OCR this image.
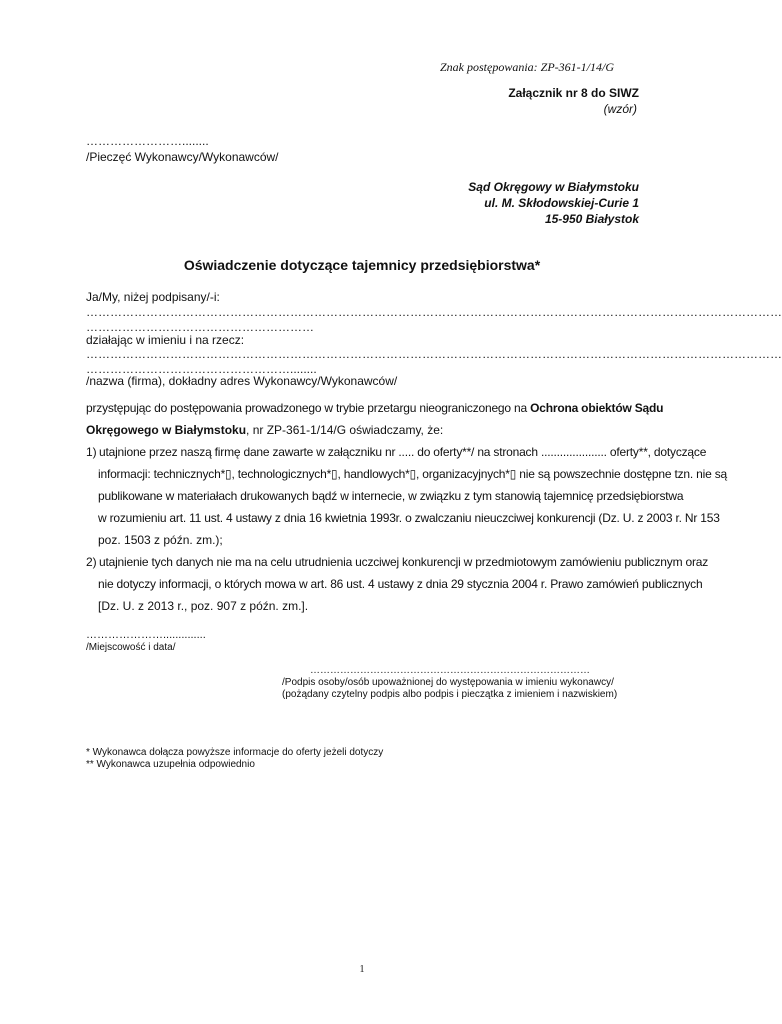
Znak postępowania: ZP-361-1/14/G
Załącznik nr 8 do SIWZ
(wzór)
……………………........
/Pieczęć Wykonawcy/Wykonawców/
Sąd Okręgowy w Białymstoku
ul. M. Skłodowskiej-Curie 1
15-950 Białystok
Oświadczenie dotyczące tajemnicy przedsiębiorstwa*
Ja/My, niżej podpisany/-i:
…………………………………………………………………………………………………………………………………………………………
…………………………………………………
działając w imieniu i na rzecz:
…………………………………………………………………………………………………………………………………………………………
……………………………………………........
/nazwa (firma), dokładny adres Wykonawcy/Wykonawców/
przystępując do postępowania prowadzonego w trybie przetargu nieograniczonego na Ochrona obiektów Sądu
Okręgowego w Białymstoku, nr ZP-361-1/14/G oświadczamy, że:
1) utajnione przez naszą firmę dane zawarte w załączniku nr ..... do oferty**/ na stronach ..................... oferty**, dotyczące
informacji: technicznych*▯, technologicznych*▯, handlowych*▯, organizacyjnych*▯ nie są powszechnie dostępne tzn. nie są
publikowane w materiałach drukowanych bądź w internecie, w związku z tym stanowią tajemnicę przedsiębiorstwa
w rozumieniu art. 11 ust. 4 ustawy z dnia 16 kwietnia 1993r. o zwalczaniu nieuczciwej konkurencji (Dz. U. z 2003 r. Nr 153
poz. 1503 z późn. zm.);
2) utajnienie tych danych nie ma na celu utrudnienia uczciwej konkurencji w przedmiotowym zamówieniu publicznym oraz
nie dotyczy informacji, o których mowa w art. 86 ust. 4 ustawy z dnia 29 stycznia 2004 r. Prawo zamówień publicznych
[Dz. U. z 2013 r., poz. 907 z późn. zm.].
…………………..............
/Miejscowość i data/
…………………………………………………………………………
/Podpis osoby/osób upoważnionej do występowania w imieniu wykonawcy/
(pożądany czytelny podpis albo podpis i pieczątka z imieniem i nazwiskiem)
* Wykonawca dołącza powyższe informacje do oferty jeżeli dotyczy
** Wykonawca uzupełnia odpowiednio
1
